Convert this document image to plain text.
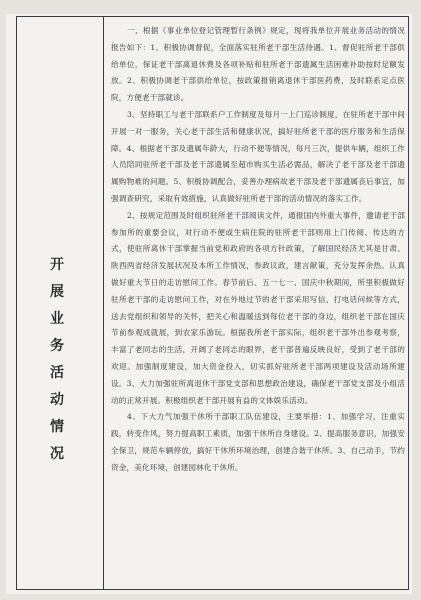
开
展
业
务
活
动
情
况

一、根据《事业单位登记管理暂行条例》规定，现将我单位开展业务活动的情况报告如下：1、积极协调督促，全面落实驻所老干部生活待遇。1、督促驻所老干部供给单位，保证老干部离退休费及各项补贴和驻所老干部遗属生活困难补助按时足额发放。2、积极协调老干部供给单位，按政策报销离退休干部医药费，及时联系定点医院，方便老干部就诊。

3、坚持职工与老干部联系户工作制度及每月一上门巡诊制度，在驻所老干部中间开展一对一服务，关心老干部生活和健康状况，搞好驻所老干部的医疗服务和生活保障。4、根据老干部及遗属年龄大，行动不便等情况，每月三次，提供车辆，组织工作人员陪同驻所老干部及老干部遗属至超市购买生活必需品，解决了老干部及老干部遗属购物难的问题。5、积极协调配合，妥善办理病故老干部及老干部遗属丧后事宜，加强调查研究，采取有效措施，认真做好驻所老干部的活动情况的落实工作。

2、按规定范围及时组织驻所老干部阅读文件，通报国内外重大事件，邀请老干部参加所的重要会议，对行动不便或生病住院的驻所老干部则用上门传阅、传达的方式，使驻所离休干部掌握当前党和政府的各项方针政策，了解国民经济尤其是甘肃、陕西两省经济发展状况及本所工作情况，参政议政，建言献策，充分发挥余热。认真做好重大节日的走访慰问工作。春节前后、五一七一、国庆中秋期间，所里积极做好驻所老干部的走访慰问工作，对在外地过节的老干部采用写信、打电话问候等方式，送去党组织和领导的关怀，把关心和温暖送到每位老干部的身边，组织老干部在国庆节前参观成就展，到农家乐游玩。根据我所老干部实际，组织老干部外出参观考察，丰富了老同志的生活，开阔了老同志的眼界，老干部普遍反映良好，受到了老干部的欢迎。加强制度建设，加大资金投入，切实抓好驻所老干部两项建设及活动场所建设。3、大力加强驻所离退休干部党支部和思想政治建设，确保老干部党支部及小组活动的正常开展。积极组织老干部开展有益的文体娱乐活动。

4、下大力气加强干休所干部职工队伍建设，主要举措：1、加强学习，注重实践，转变作风，努力提高职工素质，加强干休所自身建设。2、提高服务意识，加强安全保卫，规范车辆停放，搞好干休所环境治理，创建合谐干休所。3、自己动手，节约资金，美化环境，创建园林化干休所。
